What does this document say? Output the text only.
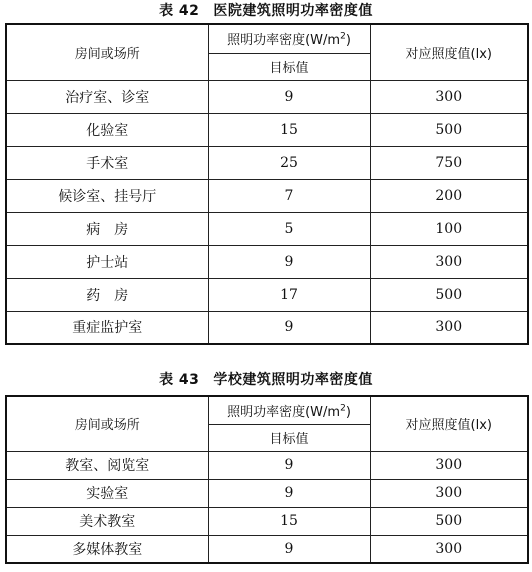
表 42 医院建筑照明功率密度值
房间或场所	照明功率密度$(W/m^2)$	对应照度值(lx)
	目标值	
治疗室、诊室	9	300
化验室	15	500
手术室	25	750
候诊室、挂号厅	7	200
病　房	5	100
护士站	9	300
药　房	17	500
重症监护室	9	300
表 43 学校建筑照明功率密度值
房间或场所	照明功率密度$(W/m^2)$	对应照度值(lx)
	目标值	
教室、阅览室	9	300
实验室	9	300
美术教室	15	500
多媒体教室	9	300
